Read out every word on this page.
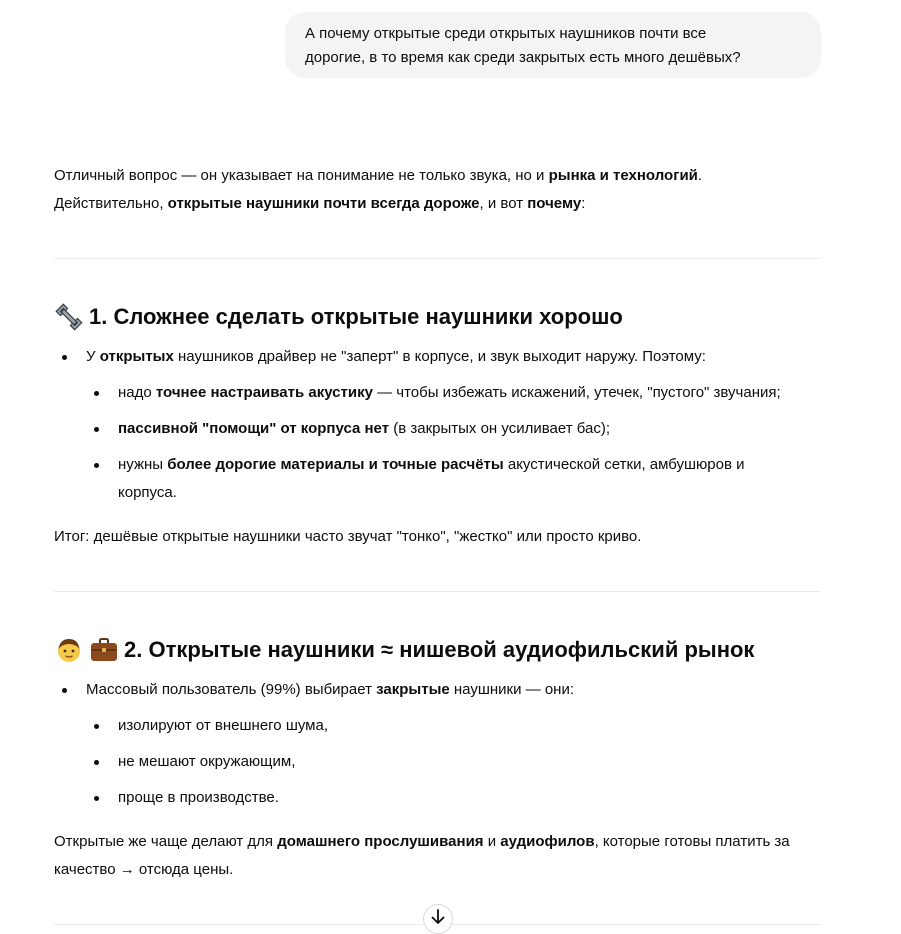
А почему открытые среди открытых наушников почти все

дорогие, в то время как среди закрытых есть много дешёвых?

Отличный вопрос — он указывает на понимание не только звука, но и рынка и технологий.

Действительно, открытые наушники почти всегда дороже, и вот почему:

1. Сложнее сделать открытые наушники хорошо
У открытых наушников драйвер не "заперт" в корпусе, и звук выходит наружу. Поэтому:
надо точнее настраивать акустику — чтобы избежать искажений, утечек, "пустого" звучания;
пассивной "помощи" от корпуса нет (в закрытых он усиливает бас);
нужны более дорогие материалы и точные расчёты акустической сетки, амбушюров и
корпуса.

Итог: дешёвые открытые наушники часто звучат "тонко", "жестко" или просто криво.

2. Открытые наушники ≈ нишевой аудиофильский рынок
Массовый пользователь (99%) выбирает закрытые наушники — они:
изолируют от внешнего шума,
не мешают окружающим,
проще в производстве.

Открытые же чаще делают для домашнего прослушивания и аудиофилов, которые готовы платить за

качество → отсюда цены.
